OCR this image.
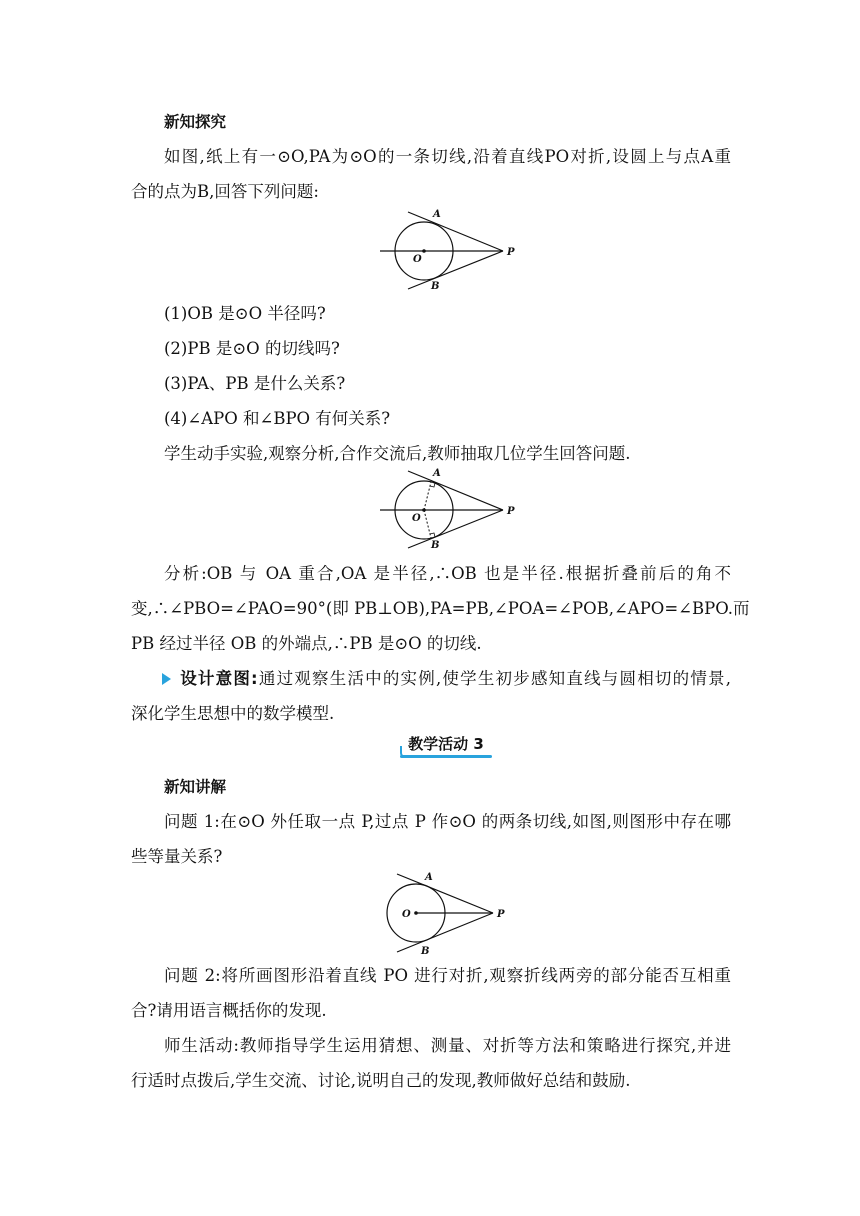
新知探究
如图,纸上有一⊙O,PA为⊙O的一条切线,沿着直线PO对折,设圆上与点A重
合的点为B,回答下列问题:
A
O
P
B
(1)OB 是⊙O 半径吗?
(2)PB 是⊙O 的切线吗?
(3)PA、PB 是什么关系?
(4)∠APO 和∠BPO 有何关系?
学生动手实验,观察分析,合作交流后,教师抽取几位学生回答问题.
A
O
P
B
分析:OB 与 OA 重合,OA 是半径,∴OB 也是半径.根据折叠前后的角不
变,∴∠PBO=∠PAO=90°(即 PB⊥OB),PA=PB,∠POA=∠POB,∠APO=∠BPO.而
PB 经过半径 OB 的外端点,∴PB 是⊙O 的切线.
设计意图:通过观察生活中的实例,使学生初步感知直线与圆相切的情景,
深化学生思想中的数学模型.
教学活动 3
新知讲解
问题 1:在⊙O 外任取一点 P,过点 P 作⊙O 的两条切线,如图,则图形中存在哪
些等量关系?
A
O	P
B
问题 2:将所画图形沿着直线 PO 进行对折,观察折线两旁的部分能否互相重
合?请用语言概括你的发现.
师生活动:教师指导学生运用猜想、测量、对折等方法和策略进行探究,并进
行适时点拨后,学生交流、讨论,说明自己的发现,教师做好总结和鼓励.
